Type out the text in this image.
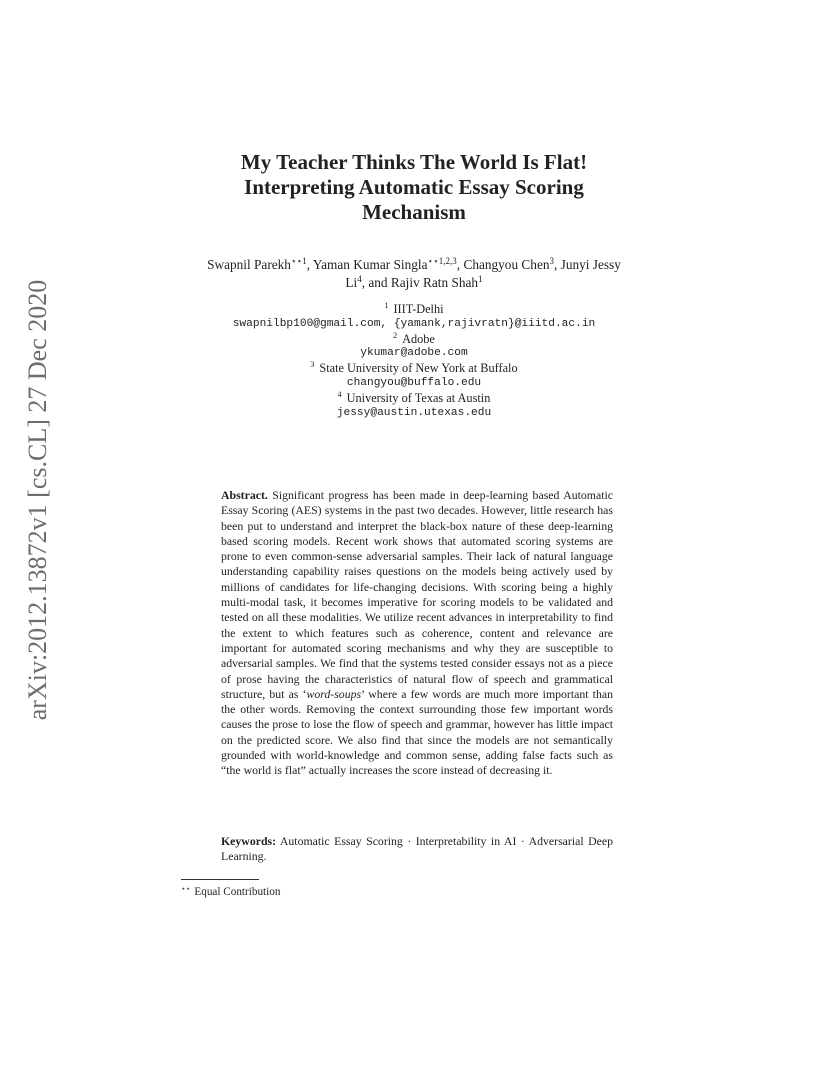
arXiv:2012.13872v1 [cs.CL] 27 Dec 2020
My Teacher Thinks The World Is Flat!
Interpreting Automatic Essay Scoring
Mechanism
Swapnil Parekh$^{⋆⋆1}$, Yaman Kumar Singla$^{⋆⋆1,2,3}$, Changyou Chen$^3$, Junyi Jessy
Li$^4$, and Rajiv Ratn Shah$^1$
$^1$ IIIT-Delhi
swapnilbp100@gmail.com, {yamank,rajivratn}@iiitd.ac.in
$^2$ Adobe
ykumar@adobe.com
$^3$ State University of New York at Buffalo
changyou@buffalo.edu
$^4$ University of Texas at Austin
jessy@austin.utexas.edu
Abstract. Significant progress has been made in deep-learning based Automatic Essay Scoring (AES) systems in the past two decades. However, little research has been put to understand and interpret the black-box nature of these deep-learning based scoring models. Recent work shows that automated scoring systems are prone to even common-sense adversarial samples. Their lack of natural language understanding capability raises questions on the models being actively used by millions of candidates for life-changing decisions. With scoring being a highly multi-modal task, it becomes imperative for scoring models to be validated and tested on all these modalities. We utilize recent advances in interpretability to find the extent to which features such as coherence, content and relevance are important for automated scoring mechanisms and why they are susceptible to adversarial samples. We find that the systems tested consider essays not as a piece of prose having the characteristics of natural flow of speech and grammatical structure, but as ‘word-soups’ where a few words are much more important than the other words. Removing the context surrounding those few important words causes the prose to lose the flow of speech and grammar, however has little impact on the predicted score. We also find that since the models are not semantically grounded with world-knowledge and common sense, adding false facts such as “the world is flat” actually increases the score instead of decreasing it.
Keywords: Automatic Essay Scoring · Interpretability in AI · Adversarial Deep Learning.
⋆⋆ Equal Contribution
